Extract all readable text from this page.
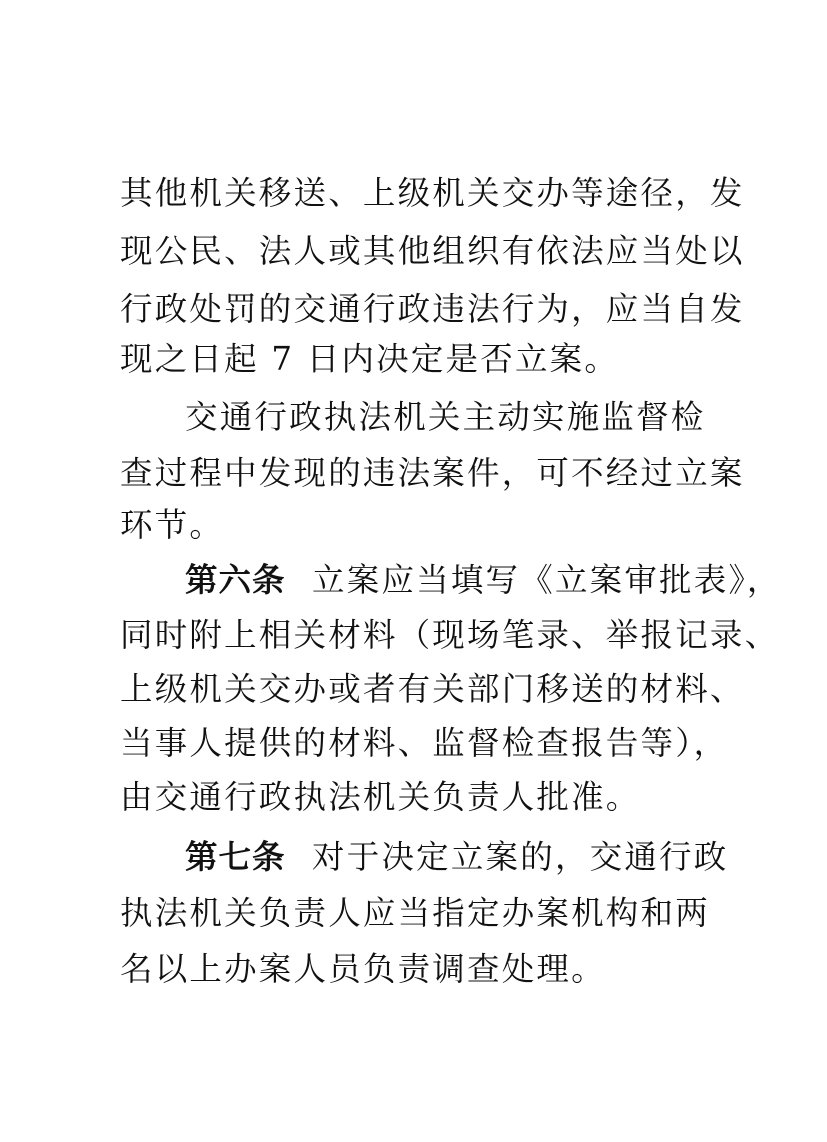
其他机关移送、上级机关交办等途径，发
现公民、法人或其他组织有依法应当处以
行政处罚的交通行政违法行为，应当自发
现之日起 7 日内决定是否立案。
交通行政执法机关主动实施监督检
查过程中发现的违法案件，可不经过立案
环节。
第六条 立案应当填写《立案审批表》，
同时附上相关材料（现场笔录、举报记录、
上级机关交办或者有关部门移送的材料、
当事人提供的材料、监督检查报告等），
由交通行政执法机关负责人批准。
第七条 对于决定立案的，交通行政
执法机关负责人应当指定办案机构和两
名以上办案人员负责调查处理。
